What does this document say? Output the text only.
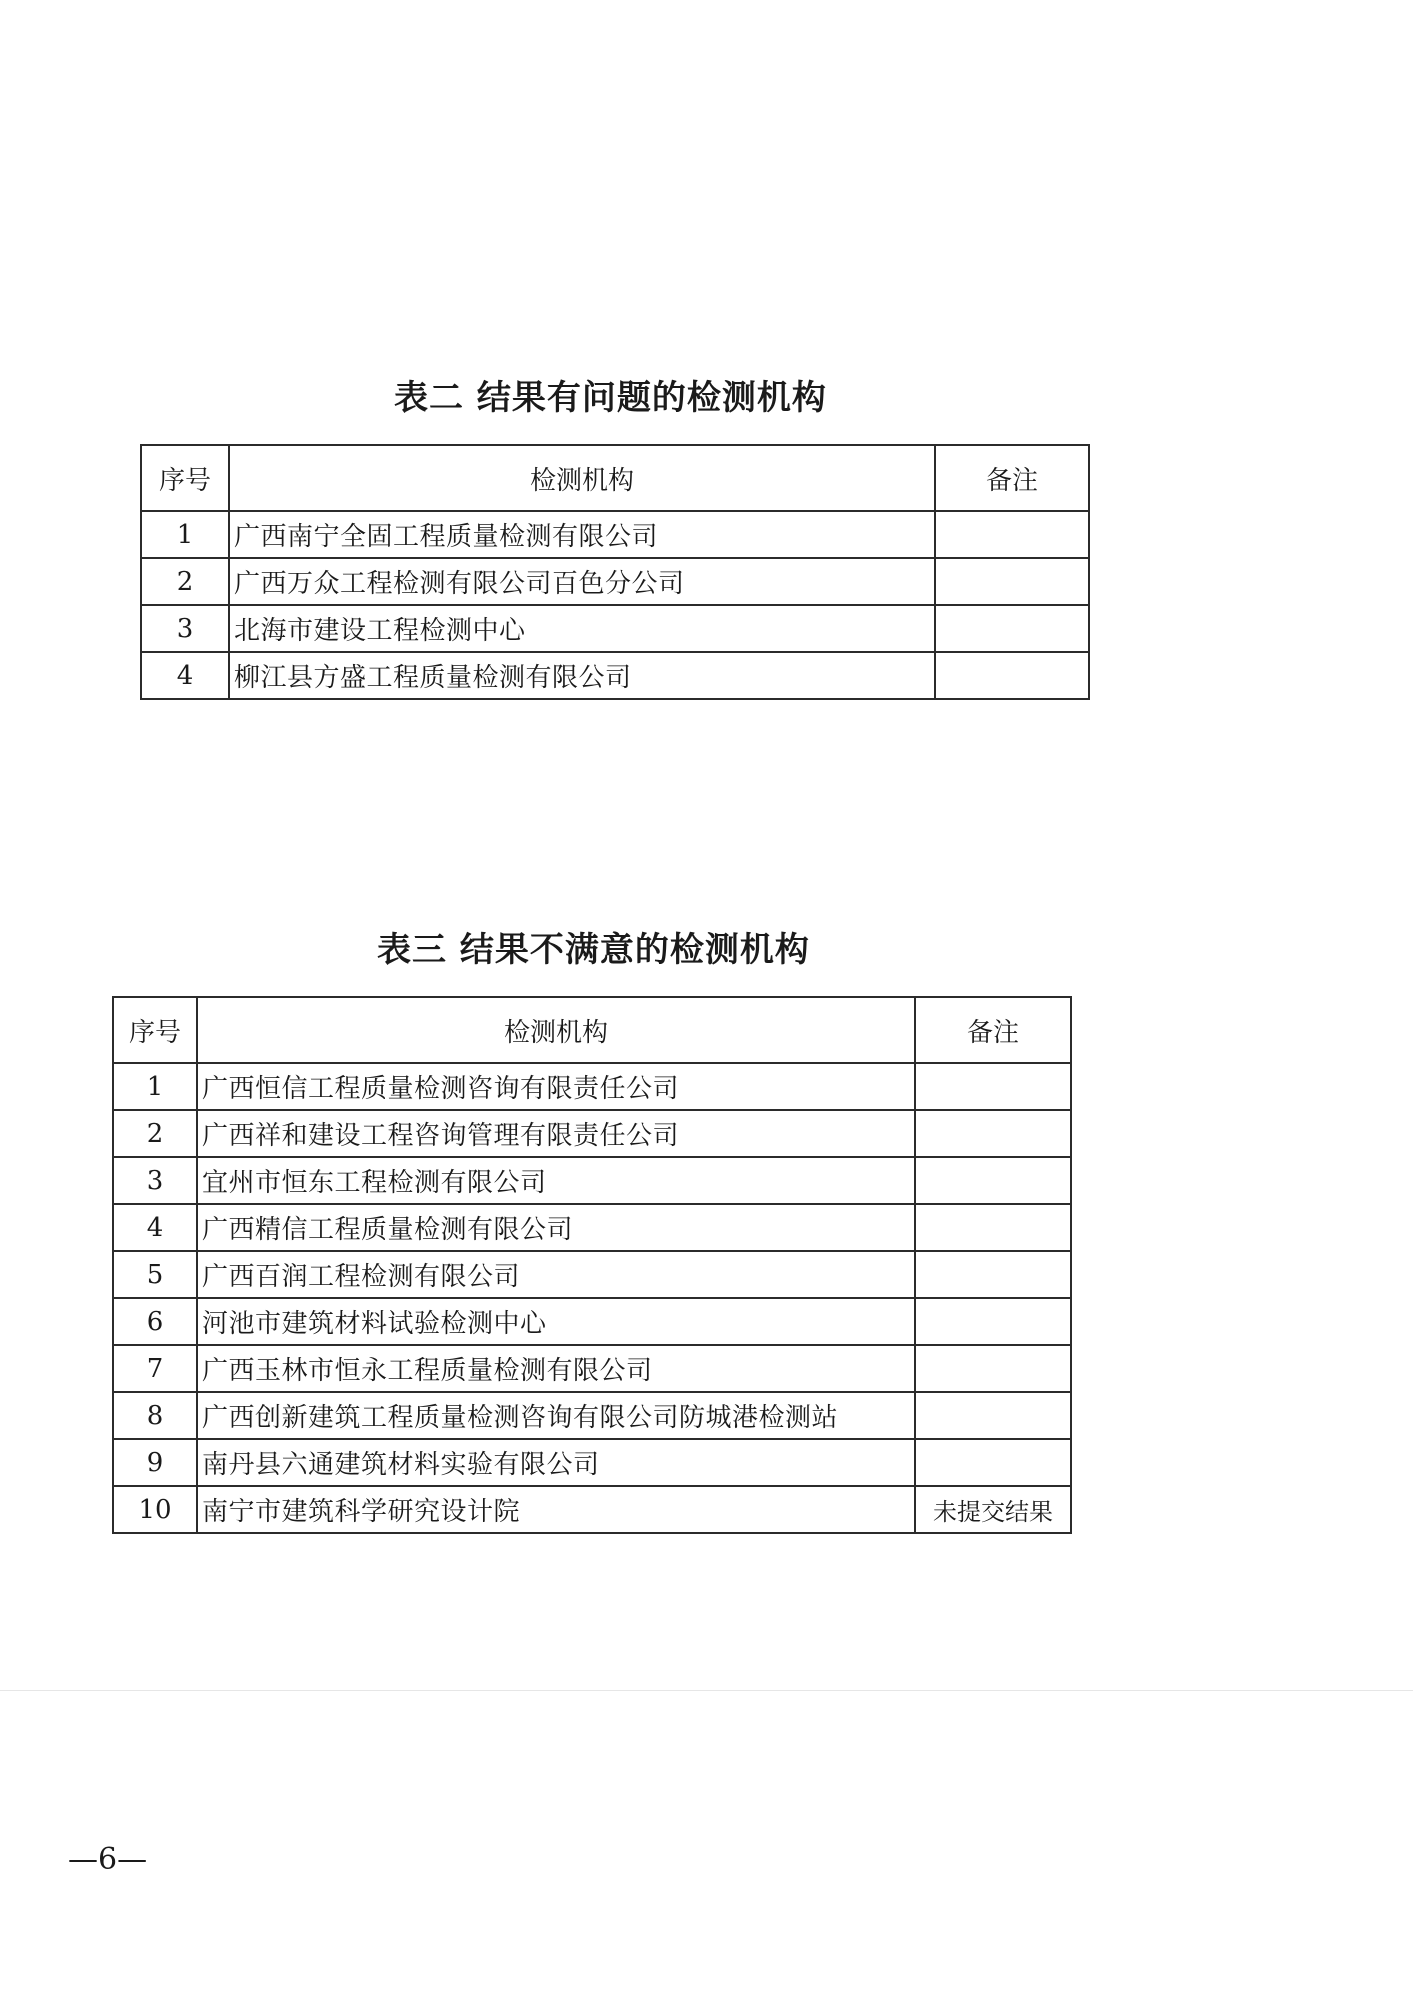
表二 结果有问题的检测机构
序号	检测机构	备注
1	广西南宁全固工程质量检测有限公司	
2	广西万众工程检测有限公司百色分公司	
3	北海市建设工程检测中心	
4	柳江县方盛工程质量检测有限公司	
表三 结果不满意的检测机构
序号	检测机构	备注
1	广西恒信工程质量检测咨询有限责任公司	
2	广西祥和建设工程咨询管理有限责任公司	
3	宜州市恒东工程检测有限公司	
4	广西精信工程质量检测有限公司	
5	广西百润工程检测有限公司	
6	河池市建筑材料试验检测中心	
7	广西玉林市恒永工程质量检测有限公司	
8	广西创新建筑工程质量检测咨询有限公司防城港检测站	
9	南丹县六通建筑材料实验有限公司	
10	南宁市建筑科学研究设计院	未提交结果
—6—
